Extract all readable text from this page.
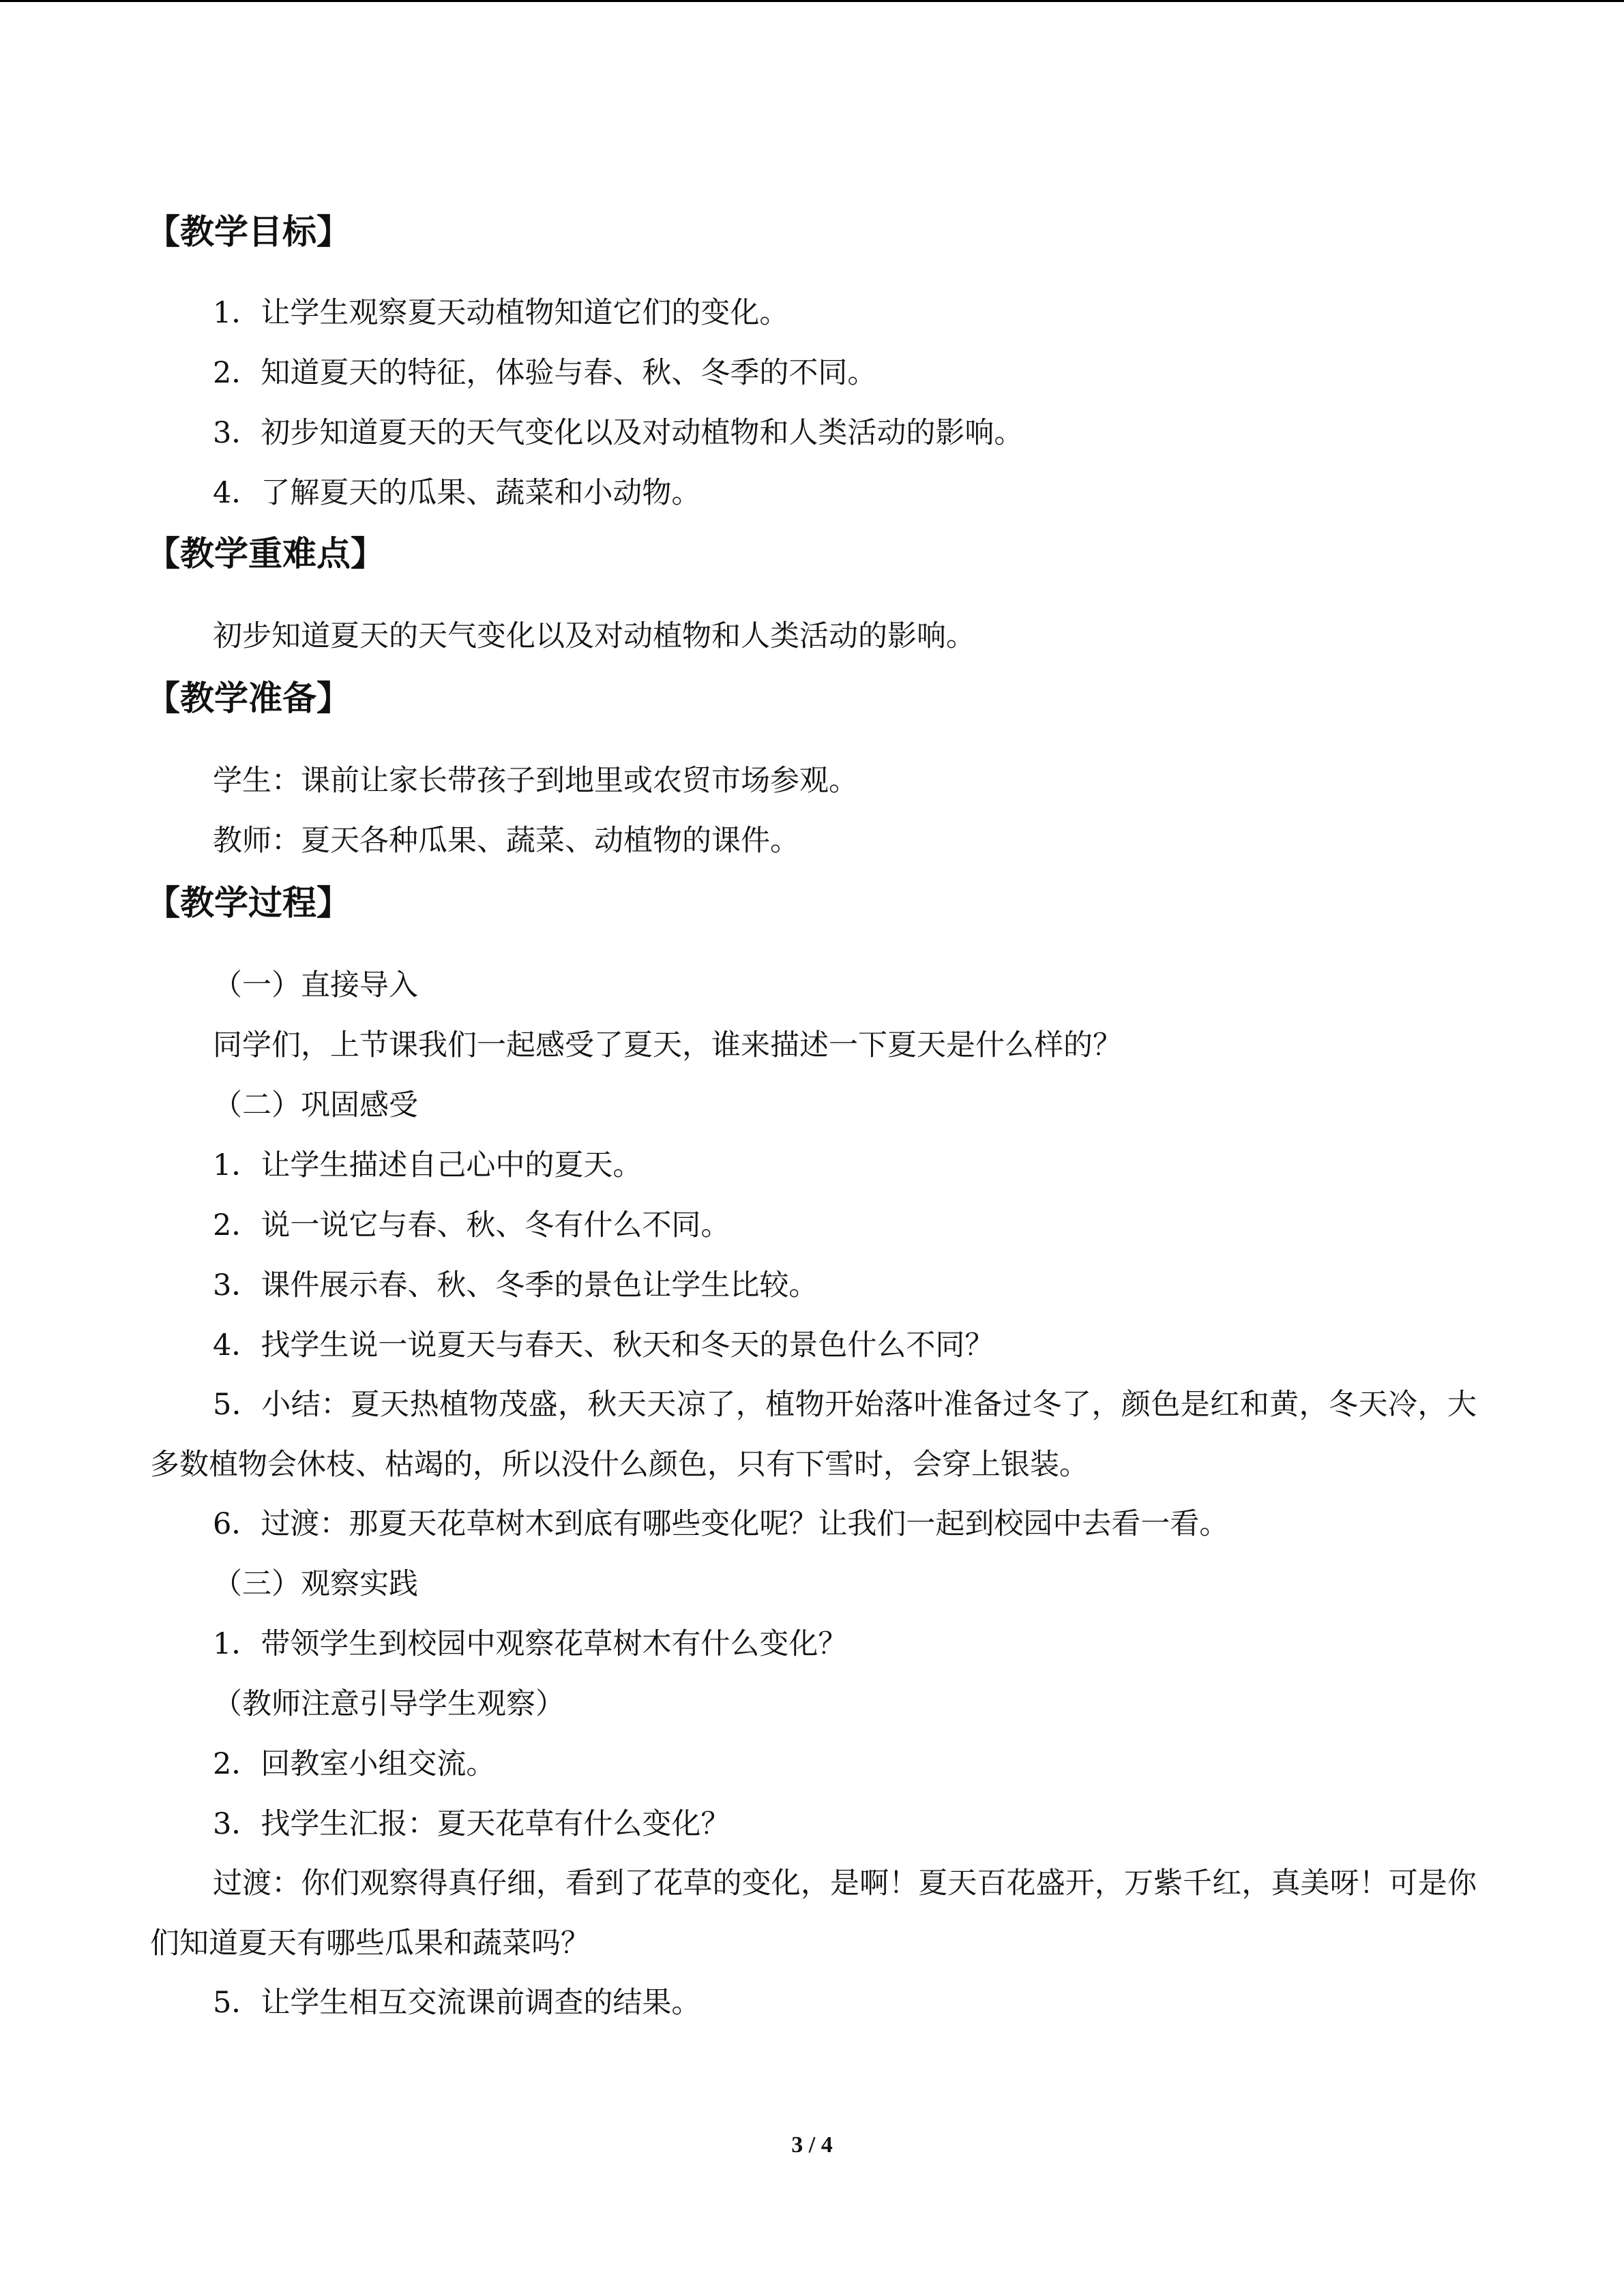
【教学目标】

1．让学生观察夏天动植物知道它们的变化。

2．知道夏天的特征，体验与春、秋、冬季的不同。

3．初步知道夏天的天气变化以及对动植物和人类活动的影响。

4．了解夏天的瓜果、蔬菜和小动物。

【教学重难点】

初步知道夏天的天气变化以及对动植物和人类活动的影响。

【教学准备】

学生：课前让家长带孩子到地里或农贸市场参观。

教师：夏天各种瓜果、蔬菜、动植物的课件。

【教学过程】

（一）直接导入

同学们，上节课我们一起感受了夏天，谁来描述一下夏天是什么样的？

（二）巩固感受

1．让学生描述自己心中的夏天。

2．说一说它与春、秋、冬有什么不同。

3．课件展示春、秋、冬季的景色让学生比较。

4．找学生说一说夏天与春天、秋天和冬天的景色什么不同？

5．小结：夏天热植物茂盛，秋天天凉了，植物开始落叶准备过冬了，颜色是红和黄，冬天冷，大多数植物会休枝、枯竭的，所以没什么颜色，只有下雪时，会穿上银装。

6．过渡：那夏天花草树木到底有哪些变化呢？让我们一起到校园中去看一看。

（三）观察实践

1．带领学生到校园中观察花草树木有什么变化？

（教师注意引导学生观察）

2．回教室小组交流。

3．找学生汇报：夏天花草有什么变化？

过渡：你们观察得真仔细，看到了花草的变化，是啊！夏天百花盛开，万紫千红，真美呀！可是你们知道夏天有哪些瓜果和蔬菜吗？

5．让学生相互交流课前调查的结果。

3 / 4
